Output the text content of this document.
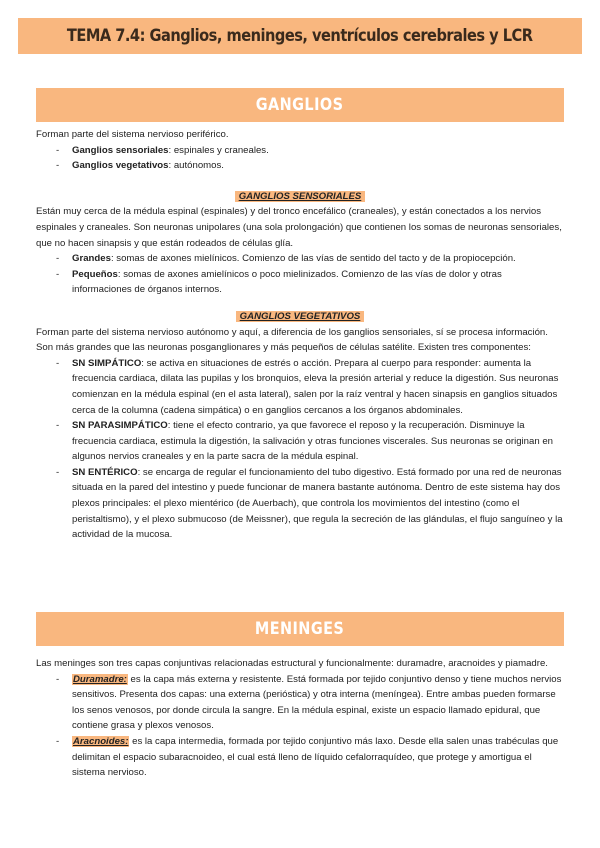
TEMA 7.4: Ganglios, meninges, ventrículos cerebrales y LCR
GANGLIOS

Forman parte del sistema nervioso periférico.

- Ganglios sensoriales: espinales y craneales.
- Ganglios vegetativos: autónomos.

GANGLIOS SENSORIALES

Están muy cerca de la médula espinal (espinales) y del tronco encefálico (craneales), y están conectados a los nervios espinales y craneales. Son neuronas unipolares (una sola prolongación) que contienen los somas de neuronas sensoriales, que no hacen sinapsis y que están rodeados de células glía.

- Grandes: somas de axones mielínicos. Comienzo de las vías de sentido del tacto y de la propiocepción.
- Pequeños: somas de axones amielínicos o poco mielinizados. Comienzo de las vías de dolor y otras informaciones de órganos internos.

GANGLIOS VEGETATIVOS

Forman parte del sistema nervioso autónomo y aquí, a diferencia de los ganglios sensoriales, sí se procesa información. Son más grandes que las neuronas posganglionares y más pequeños de células satélite. Existen tres componentes:

- SN SIMPÁTICO: se activa en situaciones de estrés o acción. Prepara al cuerpo para responder: aumenta la frecuencia cardiaca, dilata las pupilas y los bronquios, eleva la presión arterial y reduce la digestión. Sus neuronas comienzan en la médula espinal (en el asta lateral), salen por la raíz ventral y hacen sinapsis en ganglios situados cerca de la columna (cadena simpática) o en ganglios cercanos a los órganos abdominales.
- SN PARASIMPÁTICO: tiene el efecto contrario, ya que favorece el reposo y la recuperación. Disminuye la frecuencia cardiaca, estimula la digestión, la salivación y otras funciones viscerales. Sus neuronas se originan en algunos nervios craneales y en la parte sacra de la médula espinal.
- SN ENTÉRICO: se encarga de regular el funcionamiento del tubo digestivo. Está formado por una red de neuronas situada en la pared del intestino y puede funcionar de manera bastante autónoma. Dentro de este sistema hay dos plexos principales: el plexo mientérico (de Auerbach), que controla los movimientos del intestino (como el peristaltismo), y el plexo submucoso (de Meissner), que regula la secreción de las glándulas, el flujo sanguíneo y la actividad de la mucosa.
MENINGES

Las meninges son tres capas conjuntivas relacionadas estructural y funcionalmente: duramadre, aracnoides y piamadre.

- Duramadre: es la capa más externa y resistente. Está formada por tejido conjuntivo denso y tiene muchos nervios sensitivos. Presenta dos capas: una externa (perióstica) y otra interna (meníngea). Entre ambas pueden formarse los senos venosos, por donde circula la sangre. En la médula espinal, existe un espacio llamado epidural, que contiene grasa y plexos venosos.
- Aracnoides: es la capa intermedia, formada por tejido conjuntivo más laxo. Desde ella salen unas trabéculas que delimitan el espacio subaracnoideo, el cual está lleno de líquido cefalorraquídeo, que protege y amortigua el sistema nervioso.
